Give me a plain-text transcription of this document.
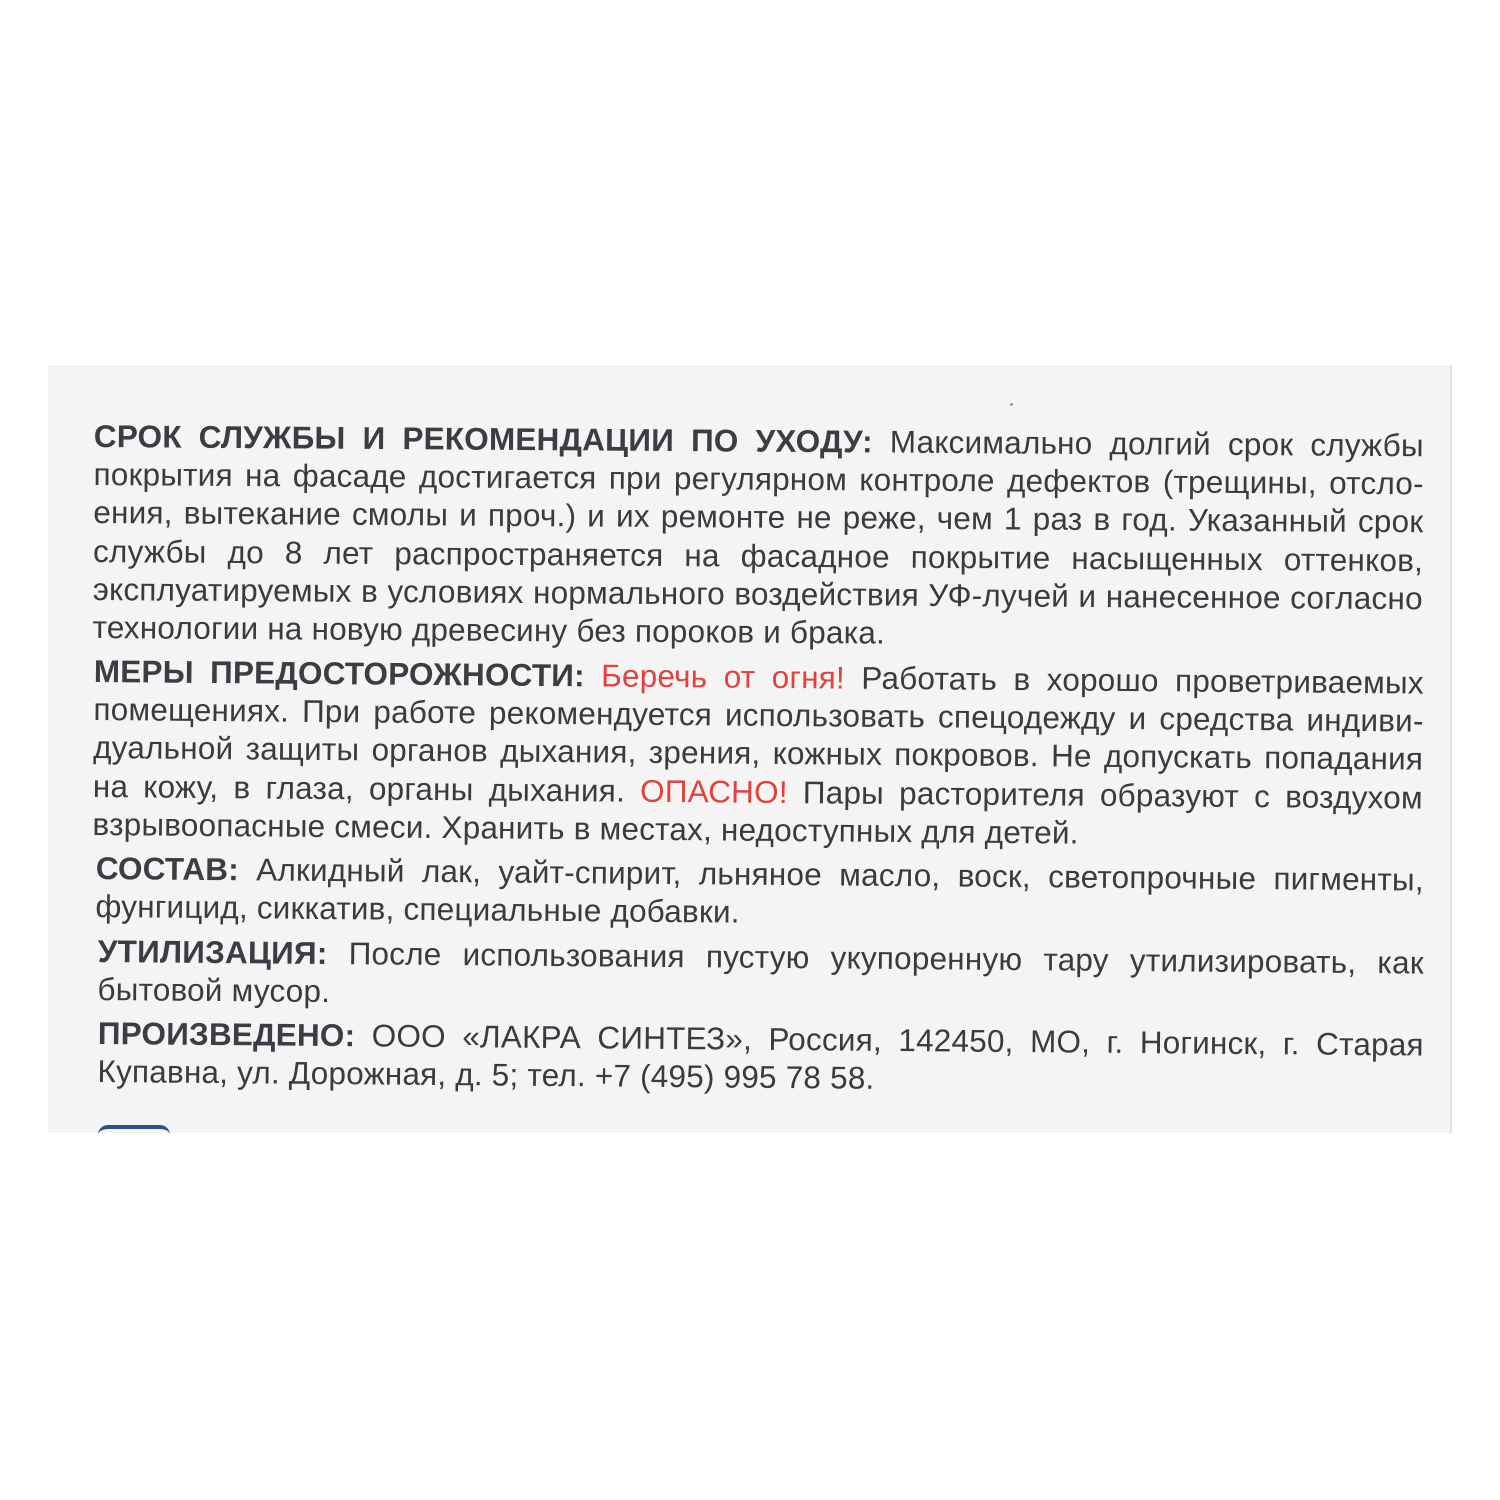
СРОК СЛУЖБЫ И РЕКОМЕНДАЦИИ ПО УХОДУ: Максимально долгий срок службы покрытия на фасаде достигается при регулярном контроле дефектов (трещины, отслоения, вытекание смолы и проч.) и их ремонте не реже, чем 1 раз в год. Указанный срок службы до 8 лет распространяется на фасадное покрытие насыщенных оттенков, эксплуатируемых в условиях нормального воздействия УФ-лучей и нанесенное согласно технологии на новую древесину без пороков и брака.

МЕРЫ ПРЕДОСТОРОЖНОСТИ: Беречь от огня! Работать в хорошо проветриваемых помещениях. При работе рекомендуется использовать спецодежду и средства индивидуальной защиты органов дыхания, зрения, кожных покровов. Не допускать попадания на кожу, в глаза, органы дыхания. ОПАСНО! Пары расторителя образуют с воздухом взрывоопасные смеси. Хранить в местах, недоступных для детей.

СОСТАВ: Алкидный лак, уайт-спирит, льняное масло, воск, светопрочные пигменты, фунгицид, сиккатив, специальные добавки.

УТИЛИЗАЦИЯ: После использования пустую укупоренную тару утилизировать, как бытовой мусор.

ПРОИЗВЕДЕНО: ООО «ЛАКРА СИНТЕЗ», Россия, 142450, МО, г. Ногинск, г. Старая Купавна, ул. Дорожная, д. 5; тел. +7 (495) 995 78 58.
